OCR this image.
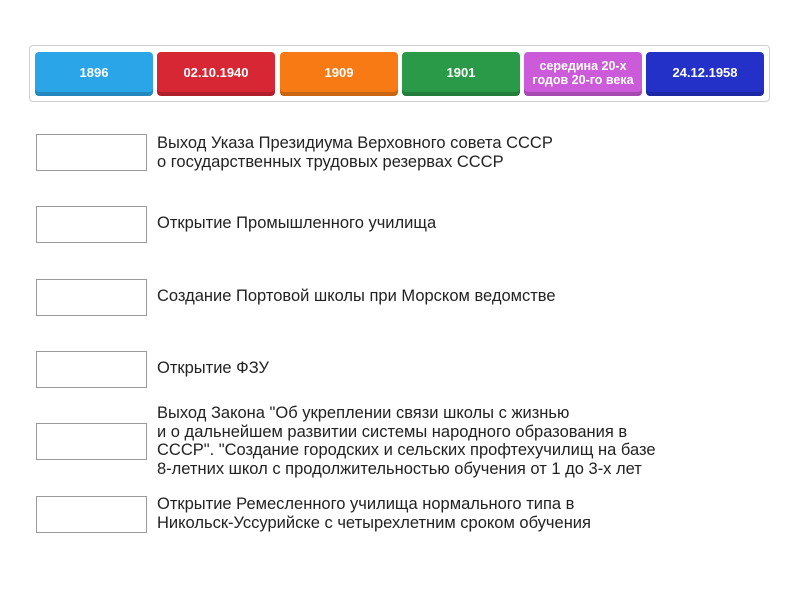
1896	02.10.1940	1909	1901	середина 20-х годов 20-го века	24.12.1958
Выход Указа Президиума Верховного совета СССР
о государственных трудовых резервах СССР
Открытие Промышленного училища
Создание Портовой школы при Морском ведомстве
Открытие ФЗУ
Выход Закона "Об укреплении связи школы с жизнью
и о дальнейшем развитии системы народного образования в
СССР". "Создание городских и сельских профтехучилищ на базе
8-летних школ с продолжительностью обучения от 1 до 3-х лет
Открытие Ремесленного училища нормального типа в
Никольск-Уссурийске с четырехлетним сроком обучения
